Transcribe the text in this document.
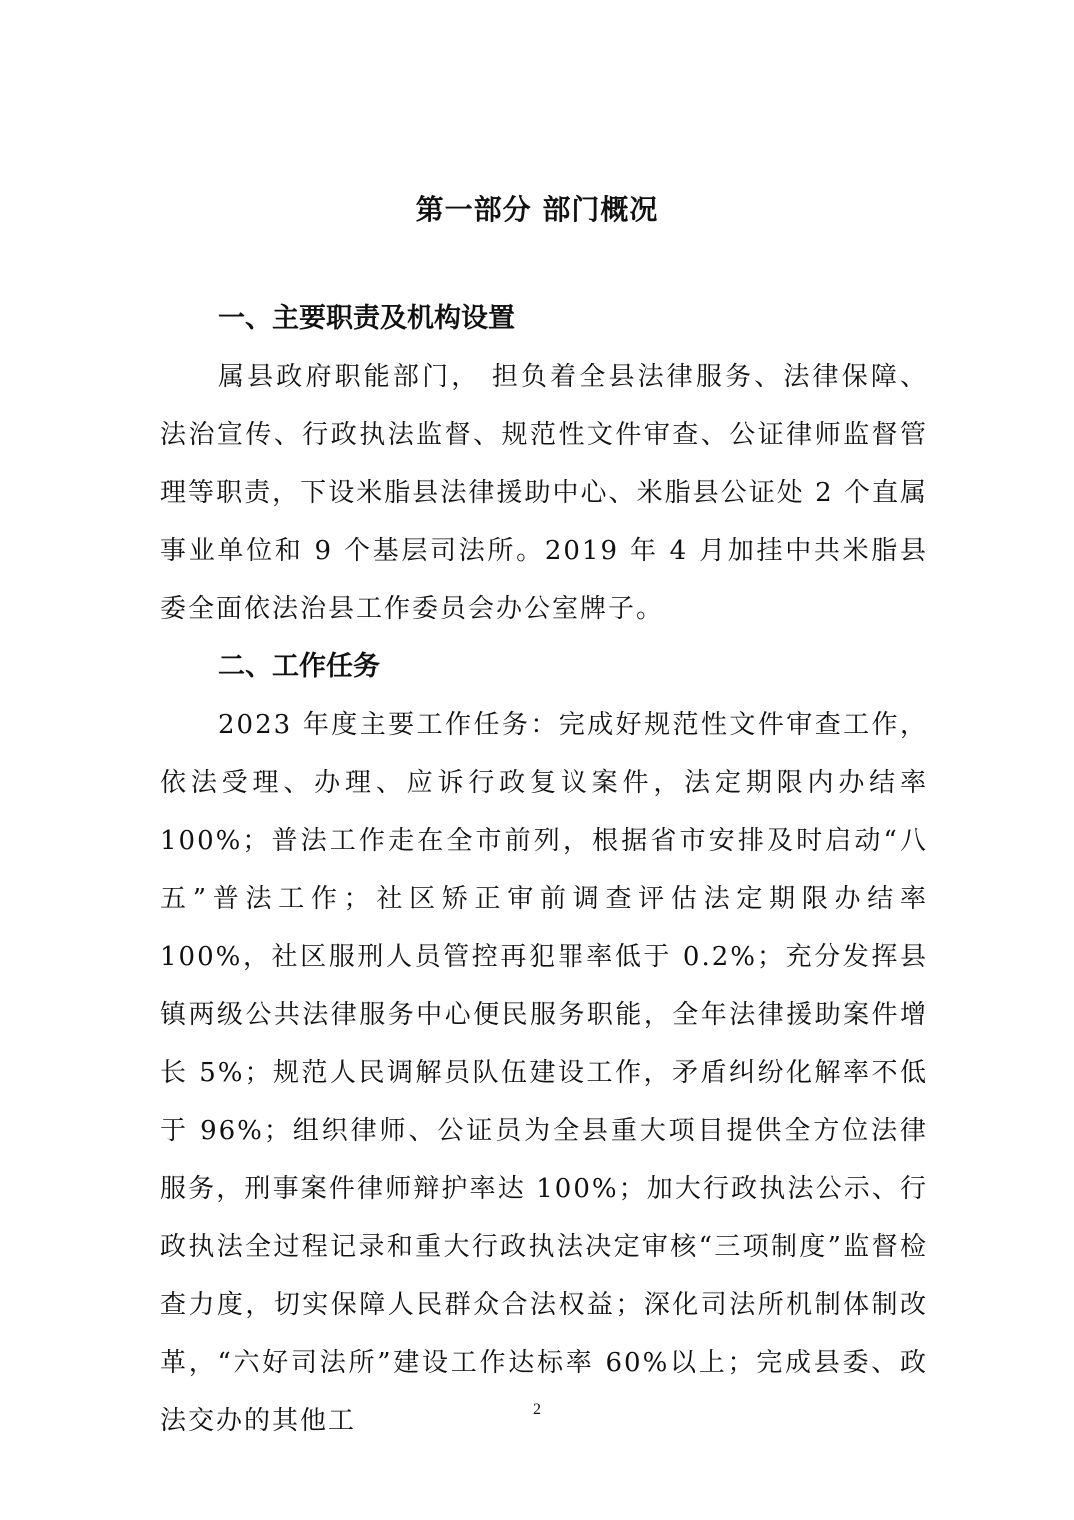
第一部分 部门概况
一、主要职责及机构设置

属县政府职能部门， 担负着全县法律服务、法律保障、法治宣传、行政执法监督、规范性文件审查、公证律师监督管理等职责，下设米脂县法律援助中心、米脂县公证处 2 个直属事业单位和 9 个基层司法所。2019 年 4 月加挂中共米脂县委全面依法治县工作委员会办公室牌子。

二、工作任务

2023 年度主要工作任务：完成好规范性文件审查工作，依法受理、办理、应诉行政复议案件，法定期限内办结率 100%；普法工作走在全市前列，根据省市安排及时启动“八五”普法工作；社区矫正审前调查评估法定期限办结率 100%，社区服刑人员管控再犯罪率低于 0.2%；充分发挥县镇两级公共法律服务中心便民服务职能，全年法律援助案件增长 5%；规范人民调解员队伍建设工作，矛盾纠纷化解率不低于 96%；组织律师、公证员为全县重大项目提供全方位法律服务，刑事案件律师辩护率达 100%；加大行政执法公示、行政执法全过程记录和重大行政执法决定审核“三项制度”监督检查力度，切实保障人民群众合法权益；深化司法所机制体制改革，“六好司法所”建设工作达标率 60%以上；完成县委、政法交办的其他工	2
